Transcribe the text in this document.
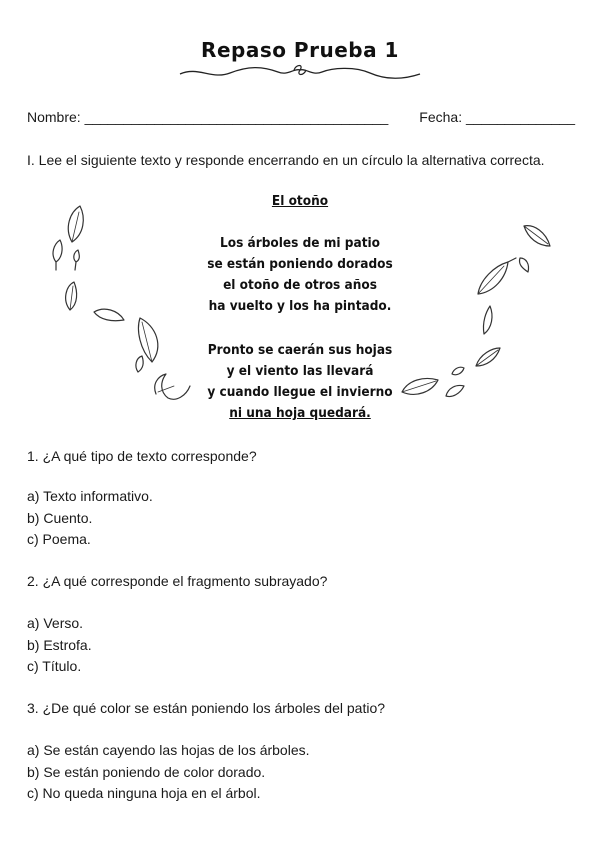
Repaso Prueba 1
Nombre: _______________________________________ Fecha: ______________
I. Lee el siguiente texto y responde encerrando en un círculo la alternativa correcta.
El otoño
Los árboles de mi patio
se están poniendo dorados
el otoño de otros años
ha vuelto y los ha pintado.
Pronto se caerán sus hojas
y el viento las llevará
y cuando llegue el invierno
ni una hoja quedará.
1. ¿A qué tipo de texto corresponde?
a) Texto informativo.
b) Cuento.
c) Poema.
2. ¿A qué corresponde el fragmento subrayado?
a) Verso.
b) Estrofa.
c) Título.
3. ¿De qué color se están poniendo los árboles del patio?
a) Se están cayendo las hojas de los árboles.
b) Se están poniendo de color dorado.
c) No queda ninguna hoja en el árbol.
